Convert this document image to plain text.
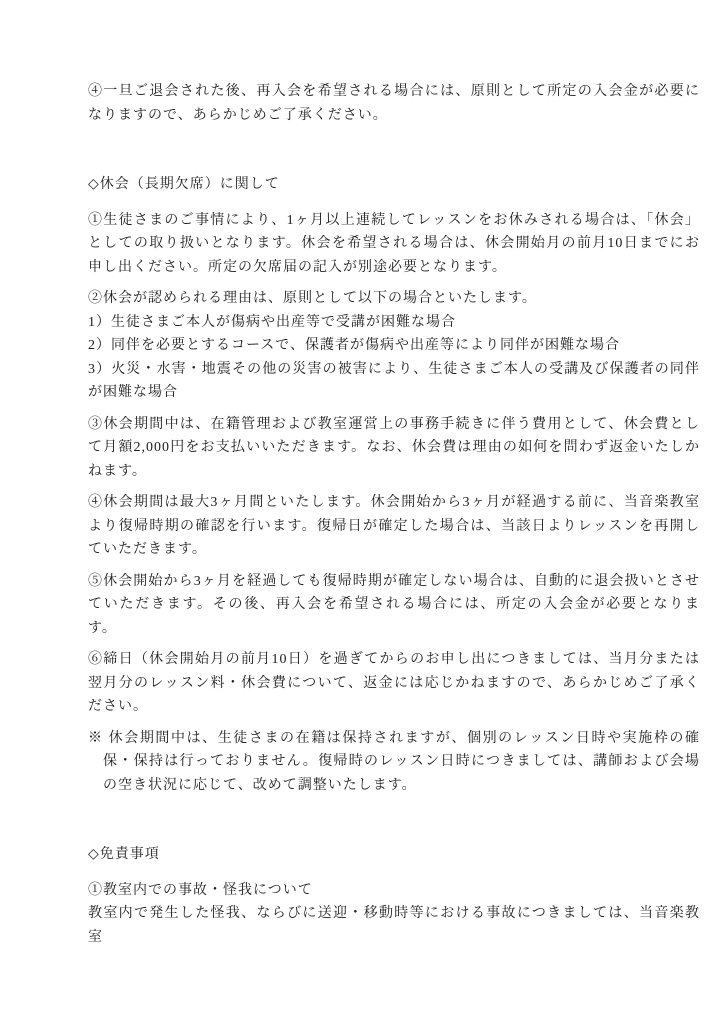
④一旦ご退会された後、再入会を希望される場合には、原則として所定の入会金が必要になりますので、あらかじめご了承ください。

◇休会（長期欠席）に関して

①生徒さまのご事情により、1ヶ月以上連続してレッスンをお休みされる場合は、「休会」としての取り扱いとなります。休会を希望される場合は、休会開始月の前月10日までにお申し出ください。所定の欠席届の記入が別途必要となります。

②休会が認められる理由は、原則として以下の場合といたします。
1）生徒さまご本人が傷病や出産等で受講が困難な場合
2）同伴を必要とするコースで、保護者が傷病や出産等により同伴が困難な場合
3）火災・水害・地震その他の災害の被害により、生徒さまご本人の受講及び保護者の同伴が困難な場合

③休会期間中は、在籍管理および教室運営上の事務手続きに伴う費用として、休会費として月額2,000円をお支払いいただきます。なお、休会費は理由の如何を問わず返金いたしかねます。

④休会期間は最大3ヶ月間といたします。休会開始から3ヶ月が経過する前に、当音楽教室より復帰時期の確認を行います。復帰日が確定した場合は、当該日よりレッスンを再開していただきます。

⑤休会開始から3ヶ月を経過しても復帰時期が確定しない場合は、自動的に退会扱いとさせていただきます。その後、再入会を希望される場合には、所定の入会金が必要となります。

⑥締日（休会開始月の前月10日）を過ぎてからのお申し出につきましては、当月分または翌月分のレッスン料・休会費について、返金には応じかねますので、あらかじめご了承ください。

※ 休会期間中は、生徒さまの在籍は保持されますが、個別のレッスン日時や実施枠の確保・保持は行っておりません。復帰時のレッスン日時につきましては、講師および会場の空き状況に応じて、改めて調整いたします。

◇免責事項
①教室内での事故・怪我について
教室内で発生した怪我、ならびに送迎・移動時等における事故につきましては、当音楽教室
